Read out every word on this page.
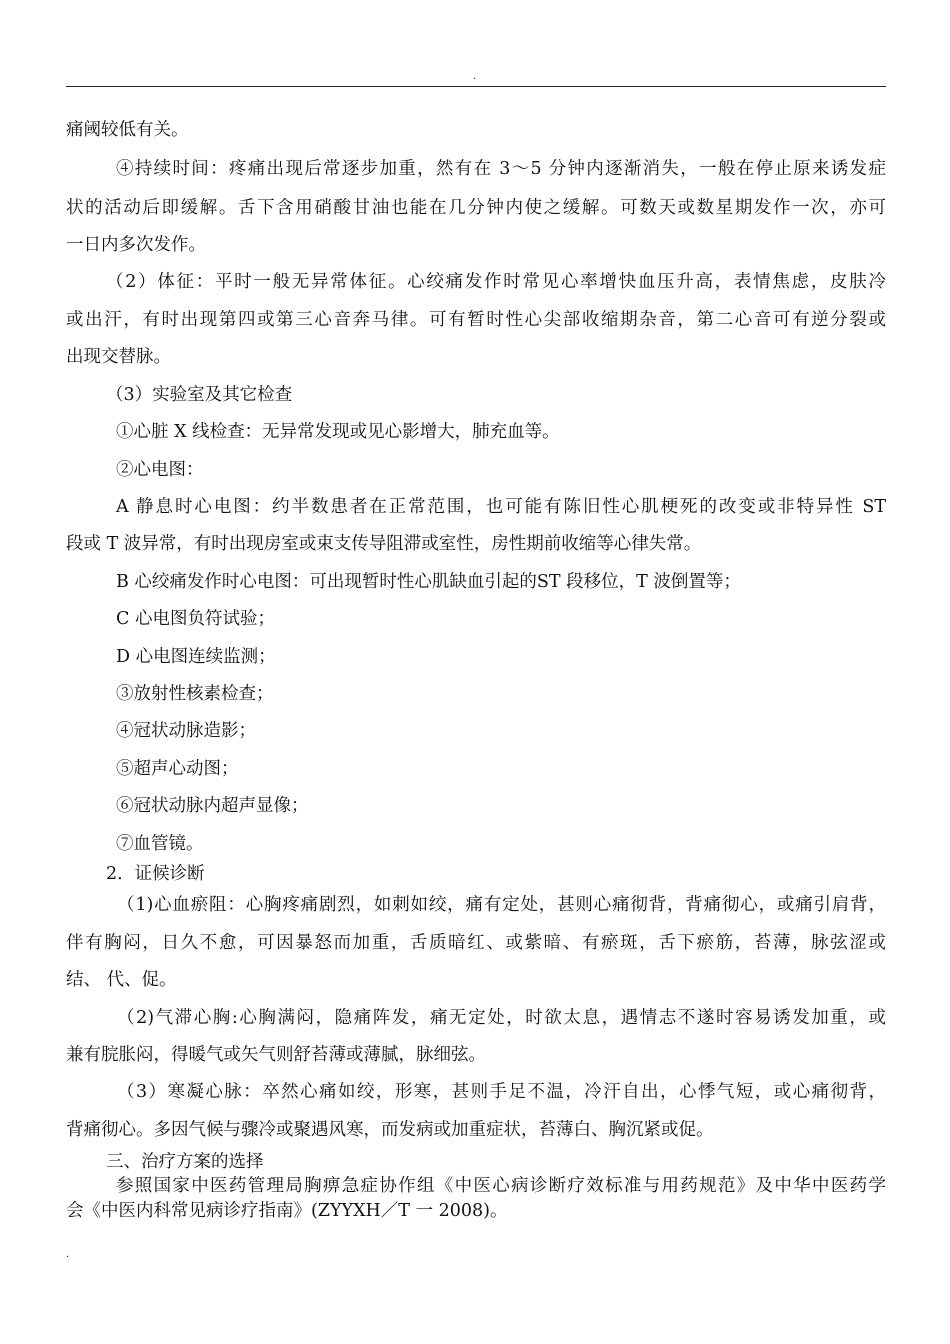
.
痛阈较低有关。
④持续时间：疼痛出现后常逐步加重，然有在 3～5 分钟内逐渐消失，一般在停止原来诱发症
状的活动后即缓解。舌下含用硝酸甘油也能在几分钟内使之缓解。可数天或数星期发作一次，亦可
一日内多次发作。
（2）体征：平时一般无异常体征。心绞痛发作时常见心率增快血压升高，表情焦虑，皮肤冷
或出汗，有时出现第四或第三心音奔马律。可有暂时性心尖部收缩期杂音，第二心音可有逆分裂或
出现交替脉。
（3）实验室及其它检查
①心脏 X 线检查：无异常发现或见心影增大，肺充血等。
②心电图：
A 静息时心电图：约半数患者在正常范围，也可能有陈旧性心肌梗死的改变或非特异性 ST
段或 T 波异常，有时出现房室或束支传导阻滞或室性，房性期前收缩等心律失常。
B 心绞痛发作时心电图：可出现暂时性心肌缺血引起的ST 段移位，T 波倒置等；
C 心电图负符试验；
D 心电图连续监测；
③放射性核素检查；
④冠状动脉造影；
⑤超声心动图；
⑥冠状动脉内超声显像；
⑦血管镜。
2．证候诊断
（1)心血瘀阻：心胸疼痛剧烈，如刺如绞，痛有定处，甚则心痛彻背，背痛彻心，或痛引肩背，
伴有胸闷，日久不愈，可因暴怒而加重，舌质暗红、或紫暗、有瘀斑，舌下瘀筋，苔薄，脉弦涩或
结、 代、促。
（2)气滞心胸:心胸满闷，隐痛阵发，痛无定处，时欲太息，遇情志不遂时容易诱发加重，或
兼有脘胀闷，得暖气或矢气则舒苔薄或薄腻，脉细弦。
（3）寒凝心脉：卒然心痛如绞，形寒，甚则手足不温，冷汗自出，心悸气短，或心痛彻背，
背痛彻心。多因气候与骤冷或聚遇风寒，而发病或加重症状，苔薄白、胸沉紧或促。
三、治疗方案的选择
参照国家中医药管理局胸痹急症协作组《中医心病诊断疗效标准与用药规范》及中华中医药学
会《中医内科常见病诊疗指南》(ZYYXH／T 一 2008)。
.
